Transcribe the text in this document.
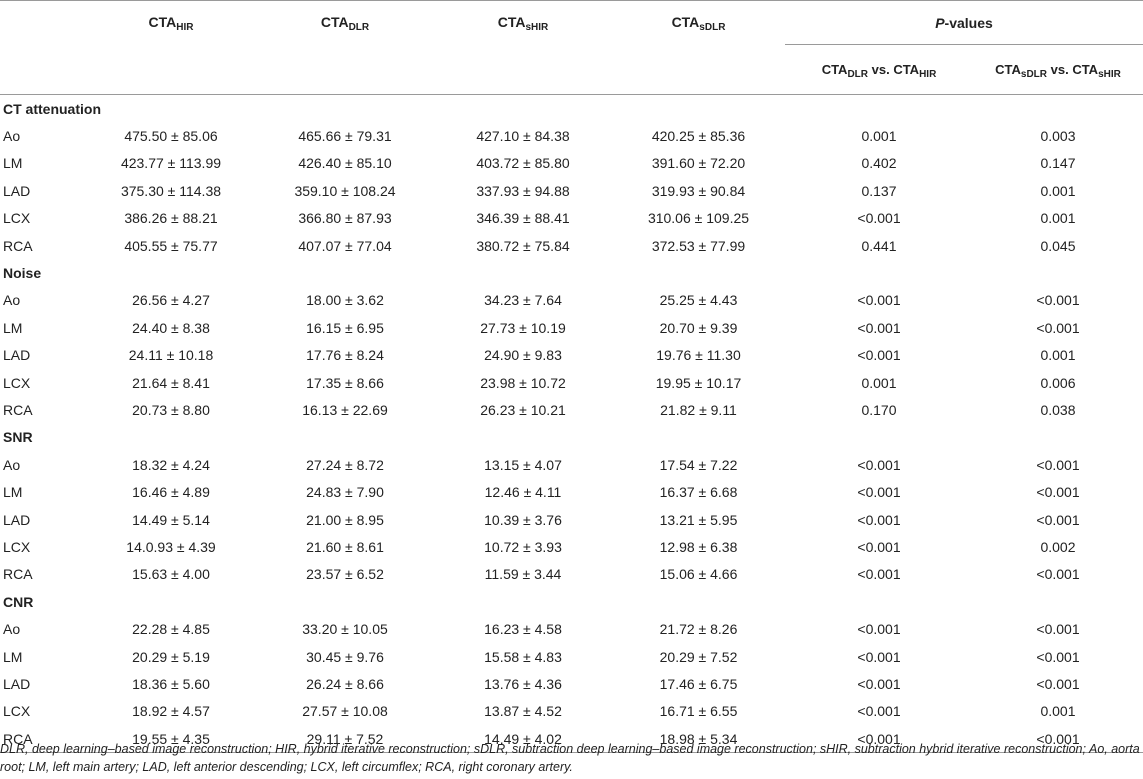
	$CTA_{HIR}$	$CTA_{DLR}$	$CTA_{sHIR}$	$CTA_{sDLR}$	P-values	
					$CTA_{DLR}$ vs. $CTA_{HIR}$	$CTA_{sDLR}$ vs. $CTA_{sHIR}$
CT attenuation						
Ao	475.50 ± 85.06	465.66 ± 79.31	427.10 ± 84.38	420.25 ± 85.36	0.001	0.003
LM	423.77 ± 113.99	426.40 ± 85.10	403.72 ± 85.80	391.60 ± 72.20	0.402	0.147
LAD	375.30 ± 114.38	359.10 ± 108.24	337.93 ± 94.88	319.93 ± 90.84	0.137	0.001
LCX	386.26 ± 88.21	366.80 ± 87.93	346.39 ± 88.41	310.06 ± 109.25	<0.001	0.001
RCA	405.55 ± 75.77	407.07 ± 77.04	380.72 ± 75.84	372.53 ± 77.99	0.441	0.045
Noise						
Ao	26.56 ± 4.27	18.00 ± 3.62	34.23 ± 7.64	25.25 ± 4.43	<0.001	<0.001
LM	24.40 ± 8.38	16.15 ± 6.95	27.73 ± 10.19	20.70 ± 9.39	<0.001	<0.001
LAD	24.11 ± 10.18	17.76 ± 8.24	24.90 ± 9.83	19.76 ± 11.30	<0.001	0.001
LCX	21.64 ± 8.41	17.35 ± 8.66	23.98 ± 10.72	19.95 ± 10.17	0.001	0.006
RCA	20.73 ± 8.80	16.13 ± 22.69	26.23 ± 10.21	21.82 ± 9.11	0.170	0.038
SNR						
Ao	18.32 ± 4.24	27.24 ± 8.72	13.15 ± 4.07	17.54 ± 7.22	<0.001	<0.001
LM	16.46 ± 4.89	24.83 ± 7.90	12.46 ± 4.11	16.37 ± 6.68	<0.001	<0.001
LAD	14.49 ± 5.14	21.00 ± 8.95	10.39 ± 3.76	13.21 ± 5.95	<0.001	<0.001
LCX	14.0.93 ± 4.39	21.60 ± 8.61	10.72 ± 3.93	12.98 ± 6.38	<0.001	0.002
RCA	15.63 ± 4.00	23.57 ± 6.52	11.59 ± 3.44	15.06 ± 4.66	<0.001	<0.001
CNR						
Ao	22.28 ± 4.85	33.20 ± 10.05	16.23 ± 4.58	21.72 ± 8.26	<0.001	<0.001
LM	20.29 ± 5.19	30.45 ± 9.76	15.58 ± 4.83	20.29 ± 7.52	<0.001	<0.001
LAD	18.36 ± 5.60	26.24 ± 8.66	13.76 ± 4.36	17.46 ± 6.75	<0.001	<0.001
LCX	18.92 ± 4.57	27.57 ± 10.08	13.87 ± 4.52	16.71 ± 6.55	<0.001	0.001
RCA	19.55 ± 4.35	29.11 ± 7.52	14.49 ± 4.02	18.98 ± 5.34	<0.001	<0.001
DLR, deep learning–based image reconstruction; HIR, hybrid iterative reconstruction; sDLR, subtraction deep learning–based image reconstruction; sHIR, subtraction hybrid iterative reconstruction; Ao, aorta root; LM, left main artery; LAD, left anterior descending; LCX, left circumflex; RCA, right coronary artery.
